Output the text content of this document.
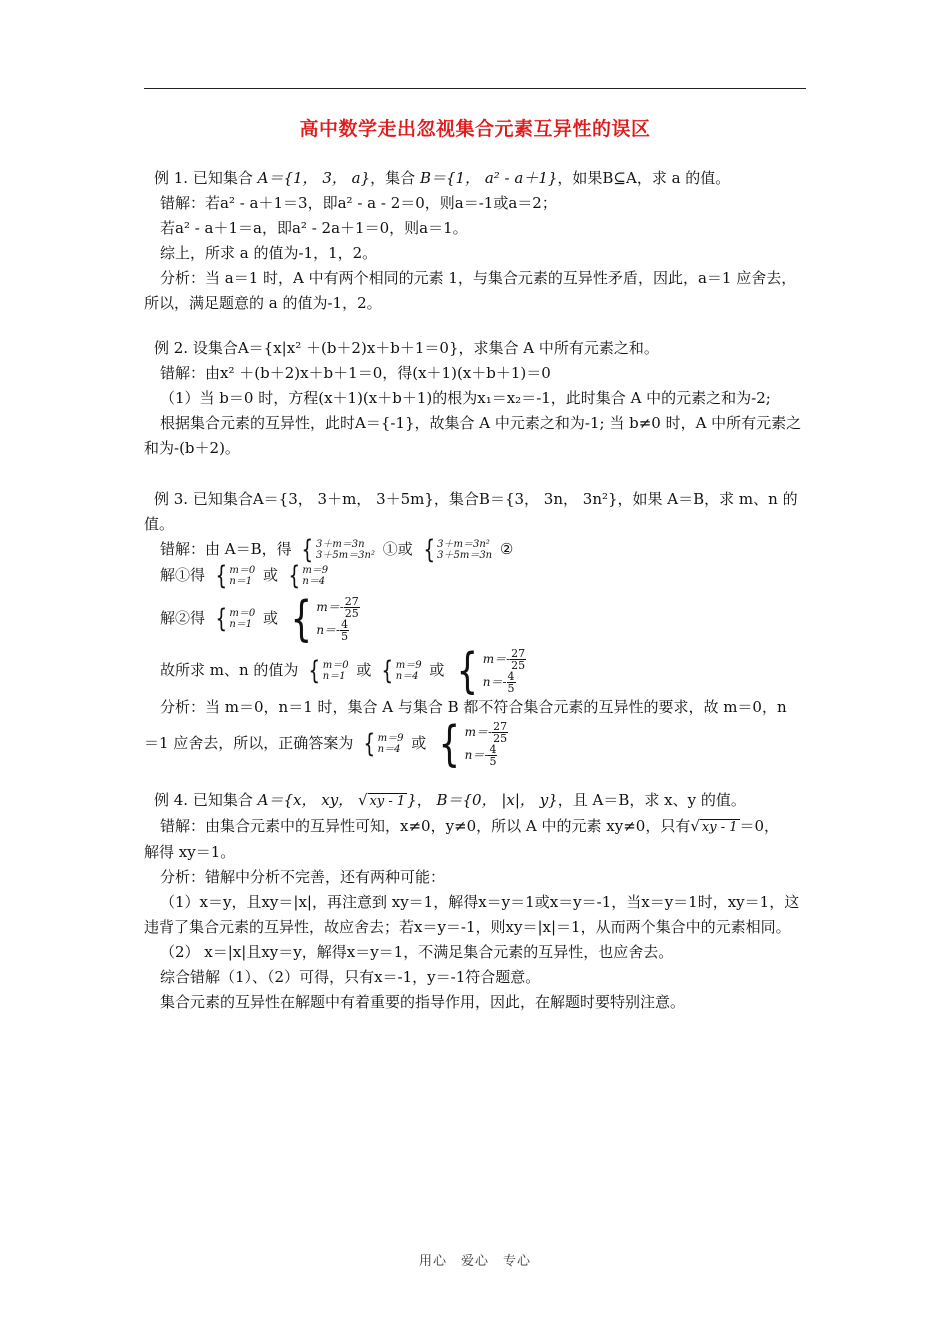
高中数学走出忽视集合元素互异性的误区

例 1. 已知集合 A＝{1， 3， a}，集合 B＝{1， a² - a＋1}，如果B⊆A，求 a 的值。

错解：若a² - a＋1＝3，即a² - a - 2＝0，则a＝-1或a＝2；

若a² - a＋1＝a，即a² - 2a＋1＝0，则a＝1。

综上，所求 a 的值为-1，1，2。

分析：当 a＝1 时，A 中有两个相同的元素 1，与集合元素的互异性矛盾，因此，a＝1 应舍去，所以，满足题意的 a 的值为-1，2。

例 2. 设集合A＝{x|x² ＋(b＋2)x＋b＋1＝0}，求集合 A 中所有元素之和。

错解：由x² ＋(b＋2)x＋b＋1＝0，得(x＋1)(x＋b＋1)＝0

（1）当 b＝0 时，方程(x＋1)(x＋b＋1)的根为x₁＝x₂＝-1，此时集合 A 中的元素之和为-2;

根据集合元素的互异性，此时A＝{-1}，故集合 A 中元素之和为-1; 当 b≠0 时，A 中所有元素之和为-(b＋2)。

例 3. 已知集合A＝{3， 3＋m， 3＋5m}，集合B＝{3， 3n， 3n²}，如果 A＝B，求 m、n 的值。

错解：由 A＝B，得 { 3＋m＝3n
3＋5m＝3n² ①或 { 3＋m＝3n²
3＋5m＝3n ②

解①得 { m＝0
n＝1 或 { m＝9
n＝4

解②得 { m＝0
n＝1 或 { $m=- \frac{27}{25}$
$n=- \frac{4}{5}$

故所求 m、n 的值为 { m＝0
n＝1 或 { m＝9
n＝4 或 { $m=- \frac{27}{25}$
$n=- \frac{4}{5}$

分析：当 m＝0，n＝1 时，集合 A 与集合 B 都不符合集合元素的互异性的要求，故 m＝0，n

＝1 应舍去，所以，正确答案为 { m＝9
n＝4 或 { $m=- \frac{27}{25}$
$n=- \frac{4}{5}$

例 4. 已知集合 A＝{x， xy， √ xy - 1 }， B＝{0， |x|， y}，且 A＝B，求 x、y 的值。

错解：由集合元素中的互异性可知，x≠0，y≠0，所以 A 中的元素 xy≠0，只有√ xy - 1 ＝0，

解得 xy＝1。

分析：错解中分析不完善，还有两种可能：

（1）x＝y，且xy＝|x|，再注意到 xy＝1，解得x＝y＝1或x＝y＝-1，当x＝y＝1时，xy＝1，这违背了集合元素的互异性，故应舍去；若x＝y＝-1，则xy＝|x|＝1，从而两个集合中的元素相同。

（2） x＝|x|且xy＝y，解得x＝y＝1，不满足集合元素的互异性，也应舍去。

综合错解（1）、（2）可得，只有x＝-1，y＝-1符合题意。

集合元素的互异性在解题中有着重要的指导作用，因此，在解题时要特别注意。

用心　爱心　专心
